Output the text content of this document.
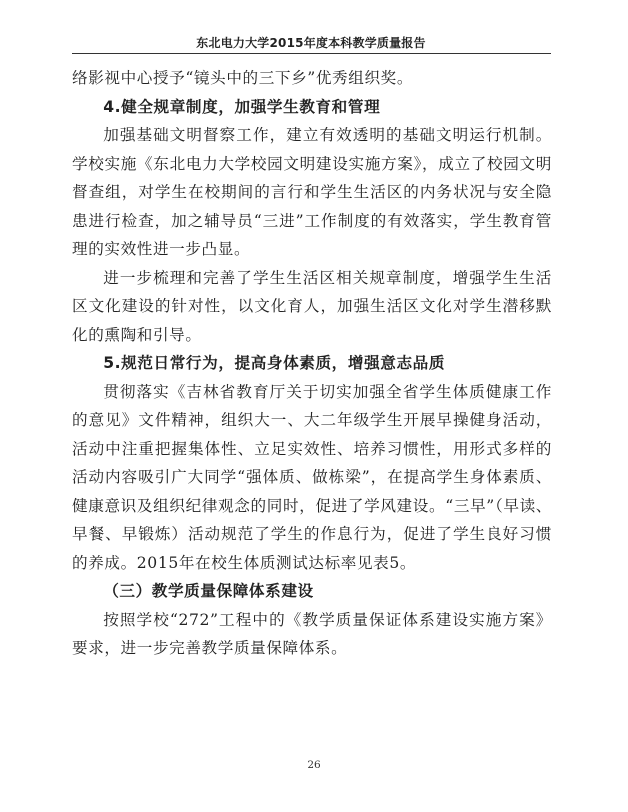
东北电力大学2015年度本科教学质量报告

络影视中心授予“镜头中的三下乡”优秀组织奖。

4.健全规章制度，加强学生教育和管理

加强基础文明督察工作，建立有效透明的基础文明运行机制。学校实施《东北电力大学校园文明建设实施方案》，成立了校园文明督查组，对学生在校期间的言行和学生生活区的内务状况与安全隐患进行检查，加之辅导员“三进”工作制度的有效落实，学生教育管理的实效性进一步凸显。

进一步梳理和完善了学生生活区相关规章制度，增强学生生活区文化建设的针对性，以文化育人，加强生活区文化对学生潜移默化的熏陶和引导。

5.规范日常行为，提高身体素质，增强意志品质

贯彻落实《吉林省教育厅关于切实加强全省学生体质健康工作的意见》文件精神，组织大一、大二年级学生开展早操健身活动，活动中注重把握集体性、立足实效性、培养习惯性，用形式多样的活动内容吸引广大同学“强体质、做栋梁”，在提高学生身体素质、健康意识及组织纪律观念的同时，促进了学风建设。“三早”（早读、早餐、早锻炼）活动规范了学生的作息行为，促进了学生良好习惯的养成。2015年在校生体质测试达标率见表5。

（三）教学质量保障体系建设

按照学校“272”工程中的《教学质量保证体系建设实施方案》要求，进一步完善教学质量保障体系。

26
